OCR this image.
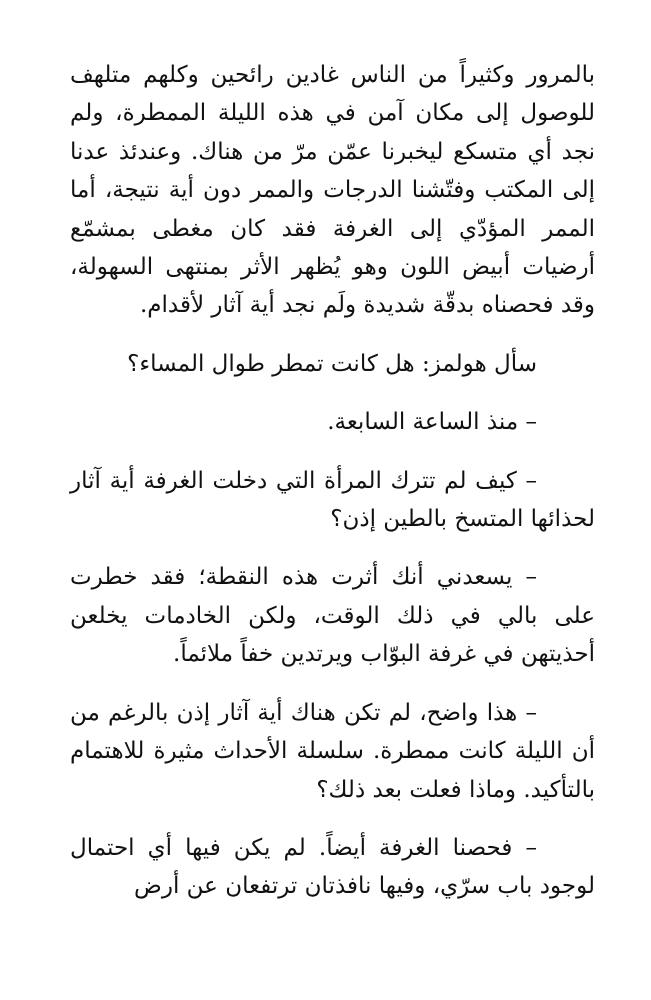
بالمرور وكثيراً من الناس غادين رائحين وكلهم متلهف للوصول إلى مكان آمن في هذه الليلة الممطرة، ولم نجد أي متسكع ليخبرنا عمّن مرّ من هناك. وعندئذ عدنا إلى المكتب وفتّشنا الدرجات والممر دون أية نتيجة، أما الممر المؤدّي إلى الغرفة فقد كان مغطى بمشمّع أرضيات أبيض اللون وهو يُظهر الأثر بمنتهى السهولة، وقد فحصناه بدقّة شديدة ولَم نجد أية آثار لأقدام.

سأل هولمز: هل كانت تمطر طوال المساء؟

– منذ الساعة السابعة.

– كيف لم تترك المرأة التي دخلت الغرفة أية آثار لحذائها المتسخ بالطين إذن؟

– يسعدني أنك أثرت هذه النقطة؛ فقد خطرت على بالي في ذلك الوقت، ولكن الخادمات يخلعن أحذيتهن في غرفة البوّاب ويرتدين خفاً ملائماً.

– هذا واضح، لم تكن هناك أية آثار إذن بالرغم من أن الليلة كانت ممطرة. سلسلة الأحداث مثيرة للاهتمام بالتأكيد. وماذا فعلت بعد ذلك؟

– فحصنا الغرفة أيضاً. لم يكن فيها أي احتمال لوجود باب سرّي، وفيها نافذتان ترتفعان عن أرض
